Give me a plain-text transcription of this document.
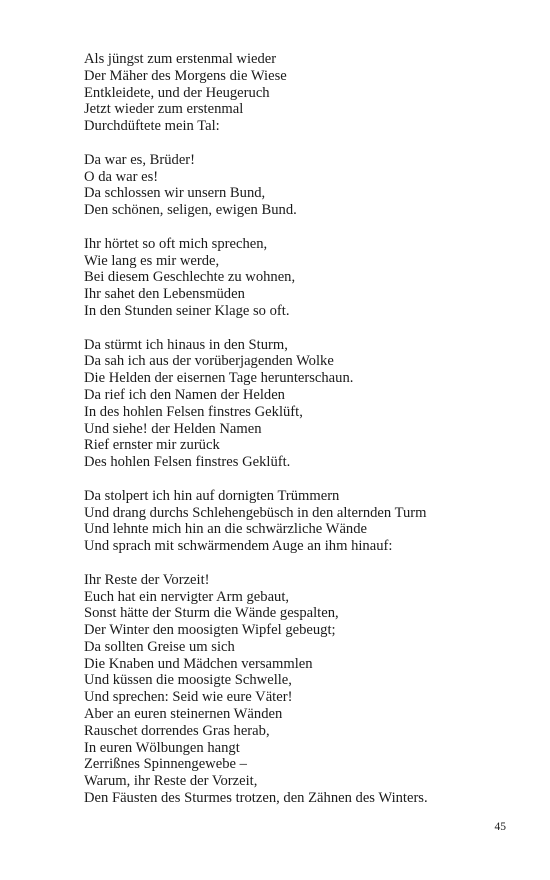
Als jüngst zum erstenmal wieder
Der Mäher des Morgens die Wiese
Entkleidete, und der Heugeruch
Jetzt wieder zum erstenmal
Durchdüftete mein Tal:
Da war es, Brüder!
O da war es!
Da schlossen wir unsern Bund,
Den schönen, seligen, ewigen Bund.
Ihr hörtet so oft mich sprechen,
Wie lang es mir werde,
Bei diesem Geschlechte zu wohnen,
Ihr sahet den Lebensmüden
In den Stunden seiner Klage so oft.
Da stürmt ich hinaus in den Sturm,
Da sah ich aus der vorüberjagenden Wolke
Die Helden der eisernen Tage herunterschaun.
Da rief ich den Namen der Helden
In des hohlen Felsen finstres Geklüft,
Und siehe! der Helden Namen
Rief ernster mir zurück
Des hohlen Felsen finstres Geklüft.
Da stolpert ich hin auf dornigten Trümmern
Und drang durchs Schlehengebüsch in den alternden Turm
Und lehnte mich hin an die schwärzliche Wände
Und sprach mit schwärmendem Auge an ihm hinauf:
Ihr Reste der Vorzeit!
Euch hat ein nervigter Arm gebaut,
Sonst hätte der Sturm die Wände gespalten,
Der Winter den moosigten Wipfel gebeugt;
Da sollten Greise um sich
Die Knaben und Mädchen versammlen
Und küssen die moosigte Schwelle,
Und sprechen: Seid wie eure Väter!
Aber an euren steinernen Wänden
Rauschet dorrendes Gras herab,
In euren Wölbungen hangt
Zerrißnes Spinnengewebe –
Warum, ihr Reste der Vorzeit,
Den Fäusten des Sturmes trotzen, den Zähnen des Winters.
45
